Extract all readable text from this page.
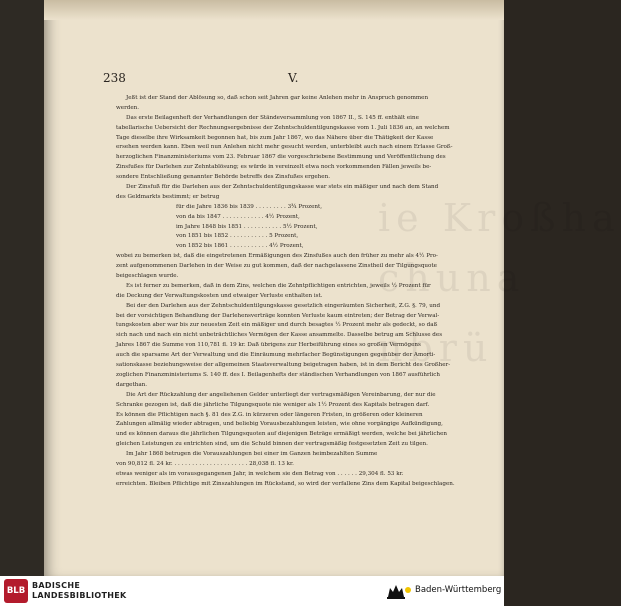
Kroßha
238	V.
Jeßt ist der Stand der Ablösung so, daß schon seit Jahren gar keine Anlehen mehr in Anspruch genommen
werden.
Das erste Beilagenheft der Verhandlungen der Ständeversammlung von 1867 II., S. 145 ff. enthält eine
tabellarische Uebersicht der Rechnungsergebnisse der Zehntschuldentilgungskasse vom 1. Juli 1836 an, an welchem
Tage dieselbe ihre Wirksamkeit begonnen hat, bis zum Jahr 1867, wo das Nähere über die Thätigkeit der Kasse
ersehen werden kann. Eben weil nun Anlehen nicht mehr gesucht werden, unterbleibt auch nach einem Erlasse Groß-
herzoglichen Finanzministeriums vom 23. Februar 1867 die vorgeschriebene Bestimmung und Veröffentlichung des
Zinsfußes für Darlehen zur Zehntablösung; es würde in vereinzelt etwa noch vorkommenden Fällen jeweils be-
sondere Entschließung genannter Behörde betreffs des Zinsfußes ergehen.
Der Zinsfuß für die Darlehen aus der Zehntschuldentilgungskasse war stets ein mäßiger und nach dem Stand
des Geldmarkts bestimmt; er betrug
für die Jahre 1836 bis 1839 . . . . . . . . . 3¾ Prozent,
von da bis 1847 . . . . . . . . . . . . 4½ Prozent,
im Jahre 1848 bis 1851 . . . . . . . . . . . 5½ Prozent,
von 1851 bis 1852 . . . . . . . . . . . 5 Prozent,
von 1852 bis 1861 . . . . . . . . . . . 4½ Prozent,
wobei zu bemerken ist, daß die eingetretenen Ermäßigungen des Zinsfußes auch den früher zu mehr als 4½ Pro-
zent aufgenommenen Darlehen in der Weise zu gut kommen, daß der nachgelassene Zinstheil der Tilgungsquote
beigeschlagen wurde.
Es ist ferner zu bemerken, daß in dem Zins, welchen die Zehntpflichtigen entrichten, jeweils ½ Prozent für
die Deckung der Verwaltungskosten und etwaiger Verluste enthalten ist.
Bei der den Darlehen aus der Zehntschuldentilgungskasse gesetzlich eingeräumten Sicherheit, Z.G. §. 79, und
bei der vorsichtigen Behandlung der Darlehensverträge konnten Verluste kaum eintreten; der Betrag der Verwal-
tungskosten aber war bis zur neuesten Zeit ein mäßiger und durch besagtes ½ Prozent mehr als gedeckt, so daß
sich nach und nach ein nicht unbeträchtliches Vermögen der Kasse ansammelte. Dasselbe betrug am Schlusse des
Jahres 1867 die Summe von 110,781 fl. 19 kr. Daß übrigens zur Herbeiführung eines so großen Vermögens
auch die sparsame Art der Verwaltung und die Einräumung mehrfacher Begünstigungen gegenüber der Amorti-
sationskasse beziehungsweise der allgemeinen Staatsverwaltung beigetragen haben, ist in dem Bericht des Großher-
zoglichen Finanzministeriums S. 140 ff. des I. Beilagenhefts der ständischen Verhandlungen von 1867 ausführlich
dargethan.
Die Art der Rückzahlung der angeliehenen Gelder unterliegt der vertragsmäßigen Vereinbarung, der nur die
Schranke gezogen ist, daß die jährliche Tilgungsquote nie weniger als 1½ Prozent des Kapitals betragen darf.
Es können die Pflichtigen nach §. 81 des Z.G. in kürzeren oder längeren Fristen, in größeren oder kleineren
Zahlungen allmälig wieder abtragen, und beliebig Vorausbezahlungen leisten, wie ohne vorgängige Aufkündigung,
und es können daraus die jährlichen Tilgungsquoten auf diejenigen Beträge ermäßigt werden, welche bei jährlichen
gleichen Leistungen zu entrichten sind, um die Schuld binnen der vertragsmäßig festgesetzten Zeit zu tilgen.
Im Jahr 1868 betrugen die Vorauszahlungen bei einer im Ganzen heimbezahlten Summe
von 90,812 fl. 24 kr. . . . . . . . . . . . . . . . . . . . . . 28,038 fl. 13 kr.
etwas weniger als im vorausgegangenen Jahr, in welchem sie den Betrag von . . . . . . 29,304 fl. 53 kr.
erreichten. Bleiben Pflichtige mit Zinszahlungen im Rückstand, so wird der verfallene Zins dem Kapital beigeschlagen.
BLB
BADISCHE
LANDESBIBLIOTHEK
Baden-Württemberg
